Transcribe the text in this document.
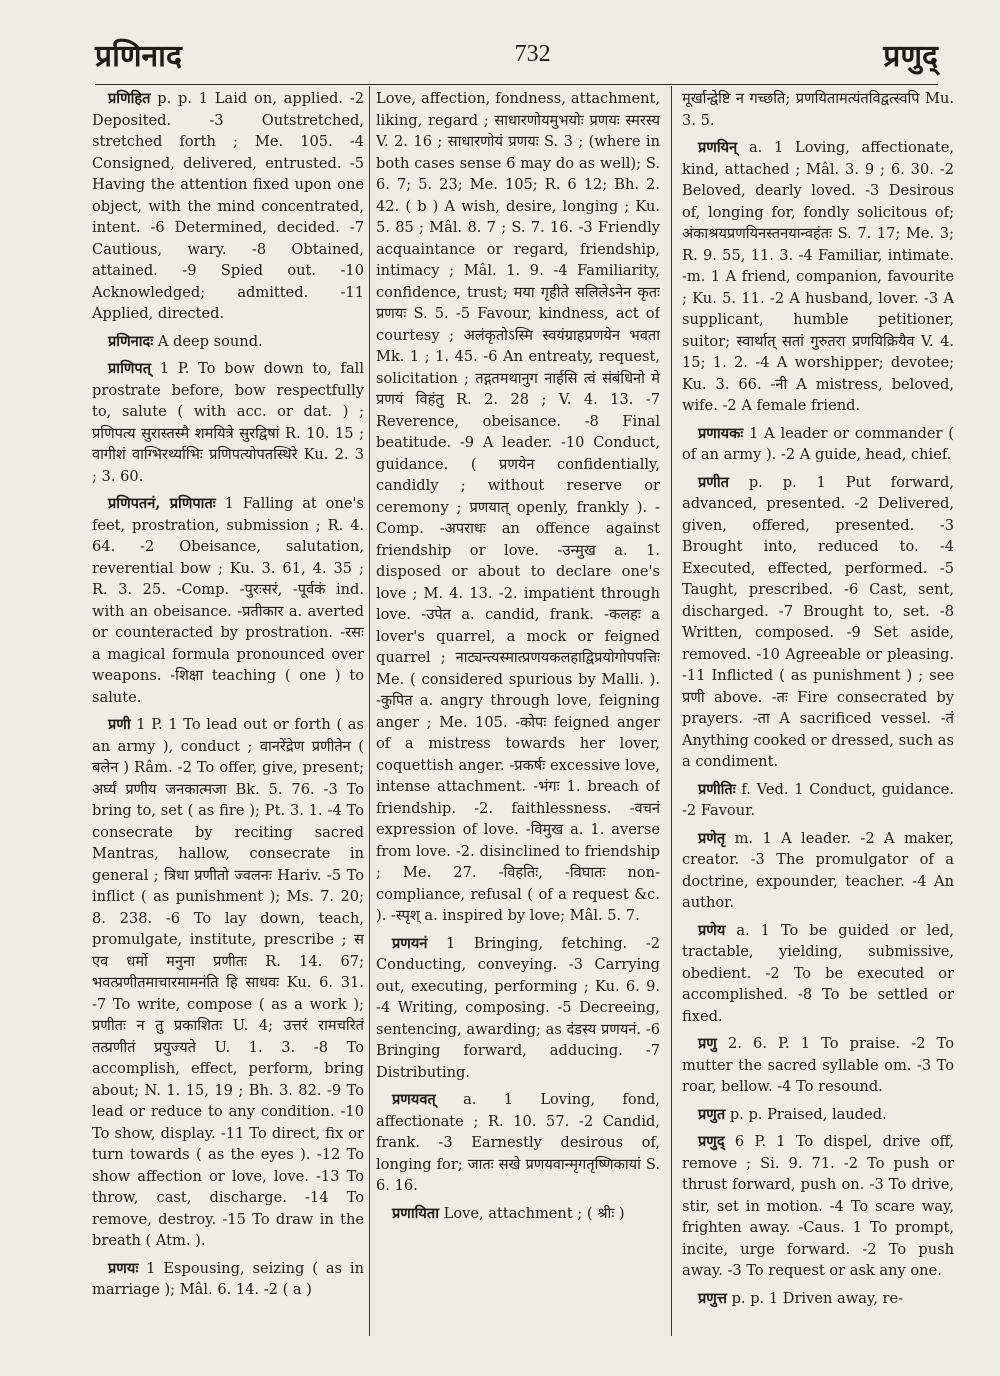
प्रणिनाद	732	प्रणुद्

प्रणिहित p. p. 1 Laid on, applied. -2 Deposited. -3 Outstretched, stretched forth ; Me. 105. -4 Consigned, delivered, entrusted. -5 Having the attention fixed upon one object, with the mind concentrated, intent. -6 Determined, decided. -7 Cautious, wary. -8 Obtained, attained. -9 Spied out. -10 Acknowledged; admitted. -11 Applied, directed.

प्रणिनादः A deep sound.

प्राणिपत् 1 P. To bow down to, fall prostrate before, bow respectfully to, salute ( with acc. or dat. ) ; प्रणिपत्य सुरास्तस्मै शमयित्रे सुरद्विषां R. 10. 15 ; वागीशं वाग्भिरर्थ्याभिः प्रणिपत्योपतस्थिरे Ku. 2. 3 ; 3. 60.

प्रणिपतनं, प्रणिपातः 1 Falling at one's feet, prostration, submission ; R. 4. 64. -2 Obeisance, salutation, reverential bow ; Ku. 3. 61, 4. 35 ; R. 3. 25. -Comp. -पुरःसरं, -पूर्वकं ind. with an obeisance. -प्रतीकार a. averted or counteracted by prostration. -रसः a magical formula pronounced over weapons. -शिक्षा teaching ( one ) to salute.

प्रणी 1 P. 1 To lead out or forth ( as an army ), conduct ; वानरेंद्रेण प्रणीतेन ( बलेन ) Râm. -2 To offer, give, present; अर्घ्यं प्रणीय जनकात्मजा Bk. 5. 76. -3 To bring to, set ( as fire ); Pt. 3. 1. -4 To consecrate by reciting sacred Mantras, hallow, consecrate in general ; त्रिधा प्रणीतो ज्वलनः Hariv. -5 To inflict ( as punishment ); Ms. 7. 20; 8. 238. -6 To lay down, teach, promulgate, institute, prescribe ; स एव धर्मो मनुना प्रणीतः R. 14. 67; भवत्प्रणीतमाचारमामनंति हि साधवः Ku. 6. 31. -7 To write, compose ( as a work ); प्रणीतः न तु प्रकाशितः U. 4; उत्तरं रामचरितं तत्प्रणीतं प्रयुज्यते U. 1. 3. -8 To accomplish, effect, perform, bring about; N. 1. 15, 19 ; Bh. 3. 82. -9 To lead or reduce to any condition. -10 To show, display. -11 To direct, fix or turn towards ( as the eyes ). -12 To show affection or love, love. -13 To throw, cast, discharge. -14 To remove, destroy. -15 To draw in the breath ( Atm. ).

प्रणयः 1 Espousing, seizing ( as in marriage ); Mâl. 6. 14. -2 ( a )

Love, affection, fondness, attachment, liking, regard ; साधारणोयमुभयोः प्रणयः स्मरस्य V. 2. 16 ; साधारणोयं प्रणयः S. 3 ; (where in both cases sense 6 may do as well); S. 6. 7; 5. 23; Me. 105; R. 6 12; Bh. 2. 42. ( b ) A wish, desire, longing ; Ku. 5. 85 ; Mâl. 8. 7 ; S. 7. 16. -3 Friendly acquaintance or regard, friendship, intimacy ; Mâl. 1. 9. -4 Familiarity, confidence, trust; मया गृहीते सलिलेऽनेन कृतः प्रणयः S. 5. -5 Favour, kindness, act of courtesy ; अलंकृतोऽस्मि स्वयंग्राहप्रणयेन भवता Mk. 1 ; 1. 45. -6 An entreaty, request, solicitation ; तद्गतमथानुग नार्हसि त्वं संबंधिनो मे प्रणयं विहंतु R. 2. 28 ; V. 4. 13. -7 Reverence, obeisance. -8 Final beatitude. -9 A leader. -10 Conduct, guidance. ( प्रणयेन confidentially, candidly ; without reserve or ceremony ; प्रणयात् openly, frankly ). -Comp. -अपराधः an offence against friendship or love. -उन्मुख a. 1. disposed or about to declare one's love ; M. 4. 13. -2. impatient through love. -उपेत a. candid, frank. -कलहः a lover's quarrel, a mock or feigned quarrel ; नाट्यन्त्यस्मात्प्रणयकलहाद्विप्रयोगोपपत्तिः Me. ( considered spurious by Malli. ). -कुपित a. angry through love, feigning anger ; Me. 105. -कोपः feigned anger of a mistress towards her lover, coquettish anger. -प्रकर्षः excessive love, intense attachment. -भंगः 1. breach of friendship. -2. faithlessness. -वचनं expression of love. -विमुख a. 1. averse from love. -2. disinclined to friendship ; Me. 27. -विहतिः, -विघातः non-compliance, refusal ( of a request &c. ). -स्पृश् a. inspired by love; Mâl. 5. 7.

प्रणयनं 1 Bringing, fetching. -2 Conducting, conveying. -3 Carrying out, executing, performing ; Ku. 6. 9. -4 Writing, composing. -5 Decreeing, sentencing, awarding; as दंडस्य प्रणयनं. -6 Bringing forward, adducing. -7 Distributing.

प्रणयवत् a. 1 Loving, fond, affectionate ; R. 10. 57. -2 Candid, frank. -3 Earnestly desirous of, longing for; जातः सखे प्रणयवान्मृगतृष्णिकायां S. 6. 16.

प्रणायिता Love, attachment ; ( श्रीः )

मूर्खान्द्वेष्टि न गच्छति; प्रणयितामत्यंतविद्वत्स्वपि Mu. 3. 5.

प्रणयिन् a. 1 Loving, affectionate, kind, attached ; Mâl. 3. 9 ; 6. 30. -2 Beloved, dearly loved. -3 Desirous of, longing for, fondly solicitous of; अंकाश्रयप्रणयिनस्तनयान्वहंतः S. 7. 17; Me. 3; R. 9. 55, 11. 3. -4 Familiar, intimate. -m. 1 A friend, companion, favourite ; Ku. 5. 11. -2 A husband, lover. -3 A supplicant, humble petitioner, suitor; स्वार्थात् सतां गुरुतरा प्रणयिक्रियैव V. 4. 15; 1. 2. -4 A worshipper; devotee; Ku. 3. 66. -नी A mistress, beloved, wife. -2 A female friend.

प्रणायकः 1 A leader or commander ( of an army ). -2 A guide, head, chief.

प्रणीत p. p. 1 Put forward, advanced, presented. -2 Delivered, given, offered, presented. -3 Brought into, reduced to. -4 Executed, effected, performed. -5 Taught, prescribed. -6 Cast, sent, discharged. -7 Brought to, set. -8 Written, composed. -9 Set aside, removed. -10 Agreeable or pleasing. -11 Inflicted ( as punishment ) ; see प्रणी above. -तः Fire consecrated by prayers. -ता A sacrificed vessel. -तं Anything cooked or dressed, such as a condiment.

प्रणीतिः f. Ved. 1 Conduct, guidance. -2 Favour.

प्रणेतृ m. 1 A leader. -2 A maker, creator. -3 The promulgator of a doctrine, expounder, teacher. -4 An author.

प्रणेय a. 1 To be guided or led, tractable, yielding, submissive, obedient. -2 To be executed or accomplished. -8 To be settled or fixed.

प्रणु 2. 6. P. 1 To praise. -2 To mutter the sacred syllable om. -3 To roar, bellow. -4 To resound.

प्रणुत p. p. Praised, lauded.

प्रणुद् 6 P. 1 To dispel, drive off, remove ; Si. 9. 71. -2 To push or thrust forward, push on. -3 To drive, stir, set in motion. -4 To scare way, frighten away. -Caus. 1 To prompt, incite, urge forward. -2 To push away. -3 To request or ask any one.

प्रणुत्त p. p. 1 Driven away, re-
